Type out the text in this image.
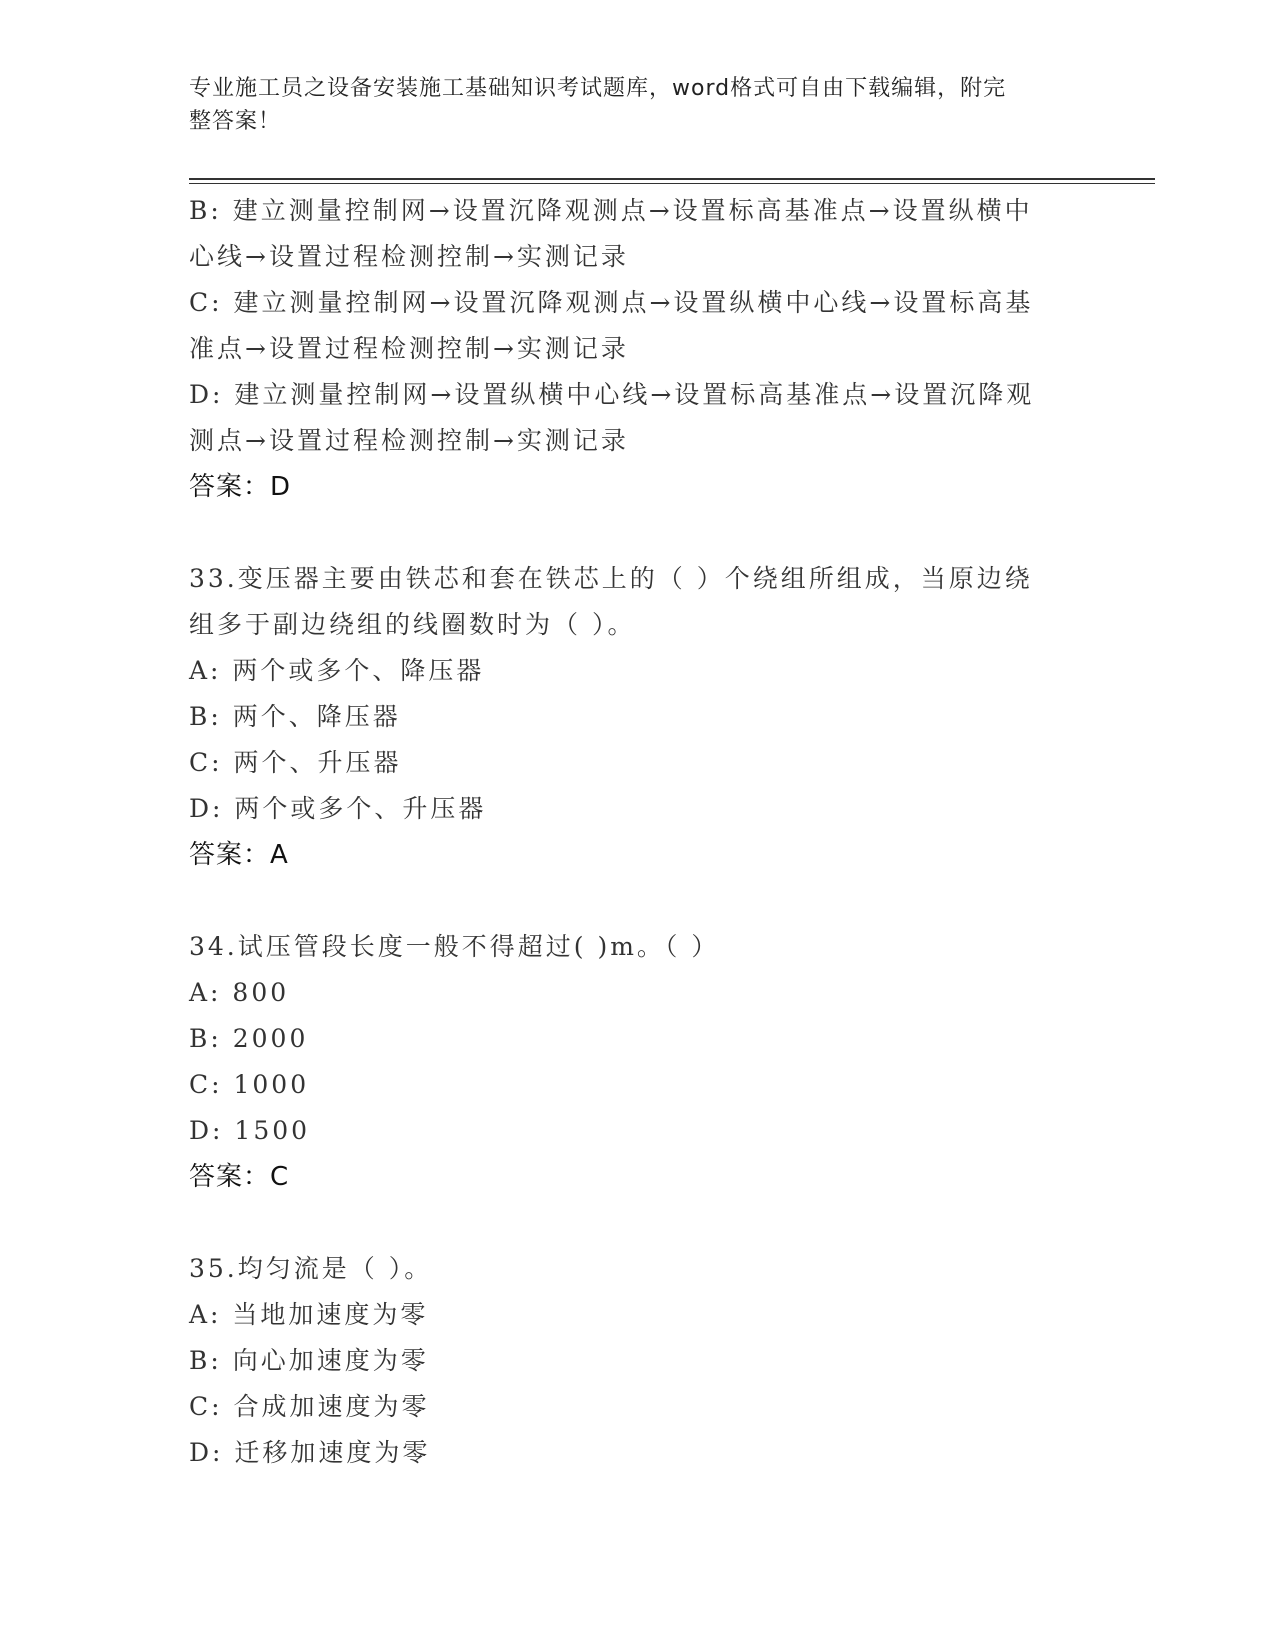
专业施工员之设备安装施工基础知识考试题库，word格式可自由下载编辑，附完
整答案！
B: 建立测量控制网→设置沉降观测点→设置标高基准点→设置纵横中
心线→设置过程检测控制→实测记录
C: 建立测量控制网→设置沉降观测点→设置纵横中心线→设置标高基
准点→设置过程检测控制→实测记录
D: 建立测量控制网→设置纵横中心线→设置标高基准点→设置沉降观
测点→设置过程检测控制→实测记录
答案：D
33.变压器主要由铁芯和套在铁芯上的（ ）个绕组所组成，当原边绕
组多于副边绕组的线圈数时为（ ）。
A: 两个或多个、降压器
B: 两个、降压器
C: 两个、升压器
D: 两个或多个、升压器
答案：A
34.试压管段长度一般不得超过( )m。（ ）
A: 800
B: 2000
C: 1000
D: 1500
答案：C
35.均匀流是（ ）。
A: 当地加速度为零
B: 向心加速度为零
C: 合成加速度为零
D: 迁移加速度为零
